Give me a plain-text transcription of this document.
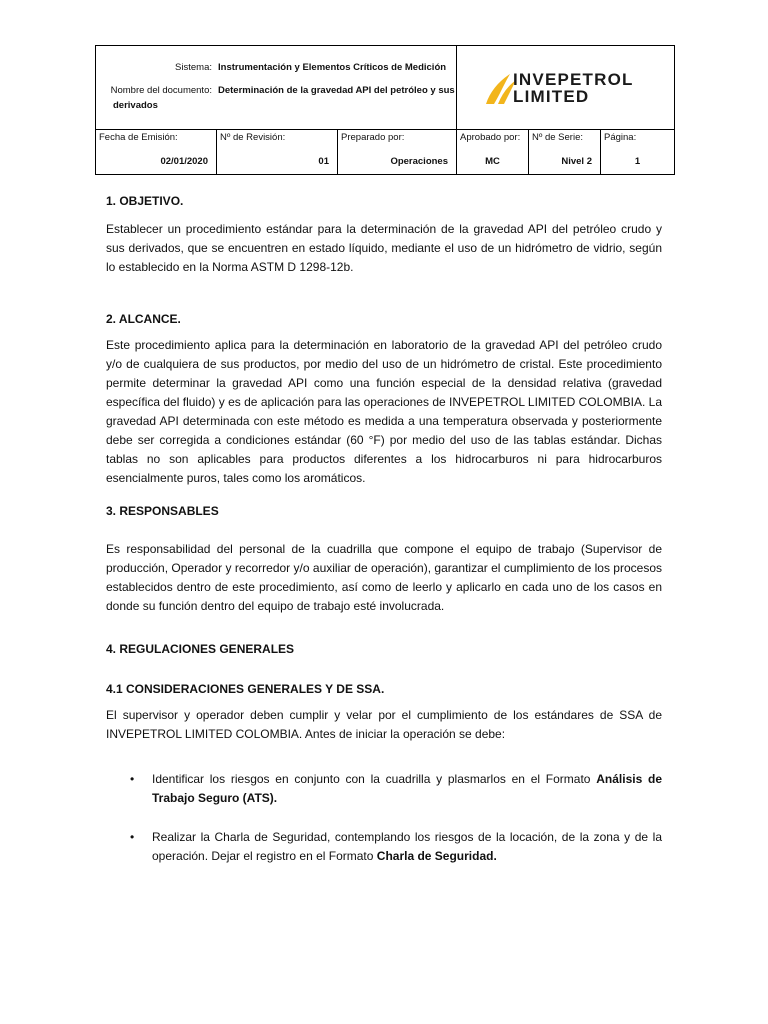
Sistema: Instrumentación y Elementos Críticos de Medición
Nombre del documento: Determinación de la gravedad API del petróleo y sus
derivados
INVEPETROL
LIMITED
Fecha de Emisión:
02/01/2020
Nº de Revisión:
01
Preparado por:
Operaciones
Aprobado por:
MC
Nº de Serie:
Nivel 2
Página:
1
1. OBJETIVO.

Establecer un procedimiento estándar para la determinación de la gravedad API del petróleo crudo y sus derivados, que se encuentren en estado líquido, mediante el uso de un hidrómetro de vidrio, según lo establecido en la Norma ASTM D 1298-12b.

2. ALCANCE.

Este procedimiento aplica para la determinación en laboratorio de la gravedad API del petróleo crudo y/o de cualquiera de sus productos, por medio del uso de un hidrómetro de cristal. Este procedimiento permite determinar la gravedad API como una función especial de la densidad relativa (gravedad específica del fluido) y es de aplicación para las operaciones de INVEPETROL LIMITED COLOMBIA. La gravedad API determinada con este método es medida a una temperatura observada y posteriormente debe ser corregida a condiciones estándar (60 °F) por medio del uso de las tablas estándar. Dichas tablas no son aplicables para productos diferentes a los hidrocarburos ni para hidrocarburos esencialmente puros, tales como los aromáticos.

3. RESPONSABLES

Es responsabilidad del personal de la cuadrilla que compone el equipo de trabajo (Supervisor de producción, Operador y recorredor y/o auxiliar de operación), garantizar el cumplimiento de los procesos establecidos dentro de este procedimiento, así como de leerlo y aplicarlo en cada uno de los casos en donde su función dentro del equipo de trabajo esté involucrada.

4. REGULACIONES GENERALES
4.1 CONSIDERACIONES GENERALES Y DE SSA.

El supervisor y operador deben cumplir y velar por el cumplimiento de los estándares de SSA de INVEPETROL LIMITED COLOMBIA. Antes de iniciar la operación se debe:

• Identificar los riesgos en conjunto con la cuadrilla y plasmarlos en el Formato Análisis de Trabajo Seguro (ATS).
• Realizar la Charla de Seguridad, contemplando los riesgos de la locación, de la zona y de la operación. Dejar el registro en el Formato Charla de Seguridad.
